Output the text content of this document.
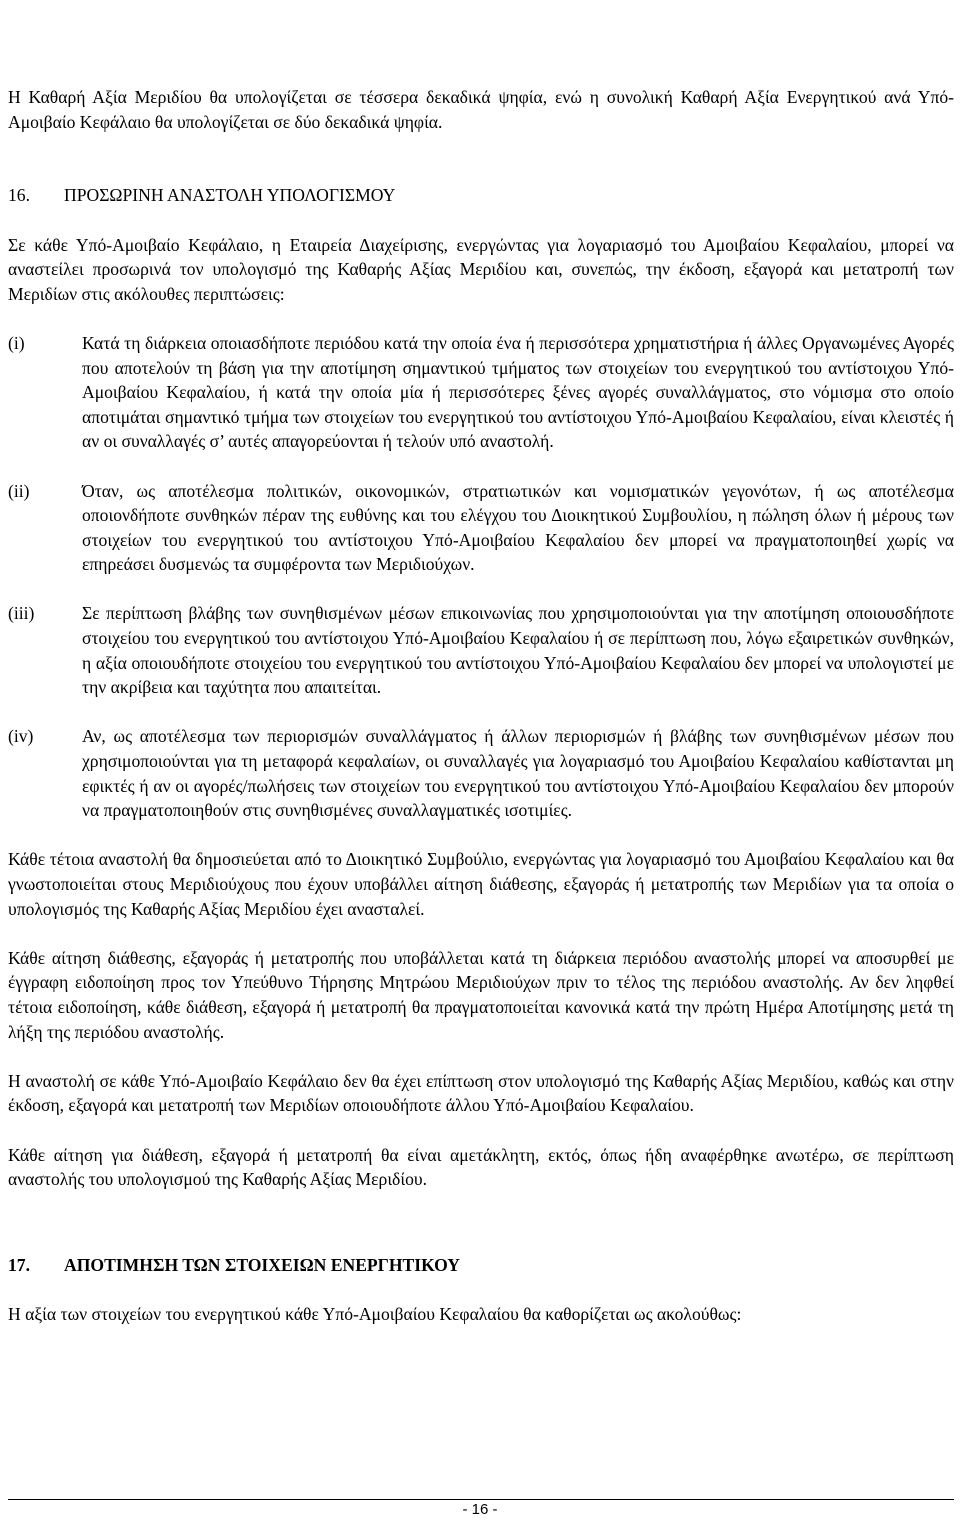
Η Καθαρή Αξία Μεριδίου θα υπολογίζεται σε τέσσερα δεκαδικά ψηφία, ενώ η συνολική Καθαρή Αξία Ενεργητικού ανά Υπό-Αμοιβαίο Κεφάλαιο θα υπολογίζεται σε δύο δεκαδικά ψηφία.

16. ΠΡΟΣΩΡΙΝΗ ΑΝΑΣΤΟΛΗ ΥΠΟΛΟΓΙΣΜΟΥ

Σε κάθε Υπό-Αμοιβαίο Κεφάλαιο, η Εταιρεία Διαχείρισης, ενεργώντας για λογαριασμό του Αμοιβαίου Κεφαλαίου, μπορεί να αναστείλει προσωρινά τον υπολογισμό της Καθαρής Αξίας Μεριδίου και, συνεπώς, την έκδοση, εξαγορά και μετατροπή των Μεριδίων στις ακόλουθες περιπτώσεις:

(i)	Κατά τη διάρκεια οποιασδήποτε περιόδου κατά την οποία ένα ή περισσότερα χρηματιστήρια ή άλλες Οργανωμένες Αγορές που αποτελούν τη βάση για την αποτίμηση σημαντικού τμήματος των στοιχείων του ενεργητικού του αντίστοιχου Υπό-Αμοιβαίου Κεφαλαίου, ή κατά την οποία μία ή περισσότερες ξένες αγορές συναλλάγματος, στο νόμισμα στο οποίο αποτιμάται σημαντικό τμήμα των στοιχείων του ενεργητικού του αντίστοιχου Υπό-Αμοιβαίου Κεφαλαίου, είναι κλειστές ή αν οι συναλλαγές σ’ αυτές απαγορεύονται ή τελούν υπό αναστολή.

(ii)	Όταν, ως αποτέλεσμα πολιτικών, οικονομικών, στρατιωτικών και νομισματικών γεγονότων, ή ως αποτέλεσμα οποιονδήποτε συνθηκών πέραν της ευθύνης και του ελέγχου του Διοικητικού Συμβουλίου, η πώληση όλων ή μέρους των στοιχείων του ενεργητικού του αντίστοιχου Υπό-Αμοιβαίου Κεφαλαίου δεν μπορεί να πραγματοποιηθεί χωρίς να επηρεάσει δυσμενώς τα συμφέροντα των Μεριδιούχων.

(iii)	Σε περίπτωση βλάβης των συνηθισμένων μέσων επικοινωνίας που χρησιμοποιούνται για την αποτίμηση οποιουσδήποτε στοιχείου του ενεργητικού του αντίστοιχου Υπό-Αμοιβαίου Κεφαλαίου ή σε περίπτωση που, λόγω εξαιρετικών συνθηκών, η αξία οποιουδήποτε στοιχείου του ενεργητικού του αντίστοιχου Υπό-Αμοιβαίου Κεφαλαίου δεν μπορεί να υπολογιστεί με την ακρίβεια και ταχύτητα που απαιτείται.

(iv)	Αν, ως αποτέλεσμα των περιορισμών συναλλάγματος ή άλλων περιορισμών ή βλάβης των συνηθισμένων μέσων που χρησιμοποιούνται για τη μεταφορά κεφαλαίων, οι συναλλαγές για λογαριασμό του Αμοιβαίου Κεφαλαίου καθίστανται μη εφικτές ή αν οι αγορές/πωλήσεις των στοιχείων του ενεργητικού του αντίστοιχου Υπό-Αμοιβαίου Κεφαλαίου δεν μπορούν να πραγματοποιηθούν στις συνηθισμένες συναλλαγματικές ισοτιμίες.

Κάθε τέτοια αναστολή θα δημοσιεύεται από το Διοικητικό Συμβούλιο, ενεργώντας για λογαριασμό του Αμοιβαίου Κεφαλαίου και θα γνωστοποιείται στους Μεριδιούχους που έχουν υποβάλλει αίτηση διάθεσης, εξαγοράς ή μετατροπής των Μεριδίων για τα οποία ο υπολογισμός της Καθαρής Αξίας Μεριδίου έχει ανασταλεί.

Κάθε αίτηση διάθεσης, εξαγοράς ή μετατροπής που υποβάλλεται κατά τη διάρκεια περιόδου αναστολής μπορεί να αποσυρθεί με έγγραφη ειδοποίηση προς τον Υπεύθυνο Τήρησης Μητρώου Μεριδιούχων πριν το τέλος της περιόδου αναστολής. Αν δεν ληφθεί τέτοια ειδοποίηση, κάθε διάθεση, εξαγορά ή μετατροπή θα πραγματοποιείται κανονικά κατά την πρώτη Ημέρα Αποτίμησης μετά τη λήξη της περιόδου αναστολής.

Η αναστολή σε κάθε Υπό-Αμοιβαίο Κεφάλαιο δεν θα έχει επίπτωση στον υπολογισμό της Καθαρής Αξίας Μεριδίου, καθώς και στην έκδοση, εξαγορά και μετατροπή των Μεριδίων οποιουδήποτε άλλου Υπό-Αμοιβαίου Κεφαλαίου.

Κάθε αίτηση για διάθεση, εξαγορά ή μετατροπή θα είναι αμετάκλητη, εκτός, όπως ήδη αναφέρθηκε ανωτέρω, σε περίπτωση αναστολής του υπολογισμού της Καθαρής Αξίας Μεριδίου.

17. ΑΠΟΤΙΜΗΣΗ ΤΩΝ ΣΤΟΙΧΕΙΩΝ ΕΝΕΡΓΗΤΙΚΟΥ

Η αξία των στοιχείων του ενεργητικού κάθε Υπό-Αμοιβαίου Κεφαλαίου θα καθορίζεται ως ακολούθως:

- 16 -
